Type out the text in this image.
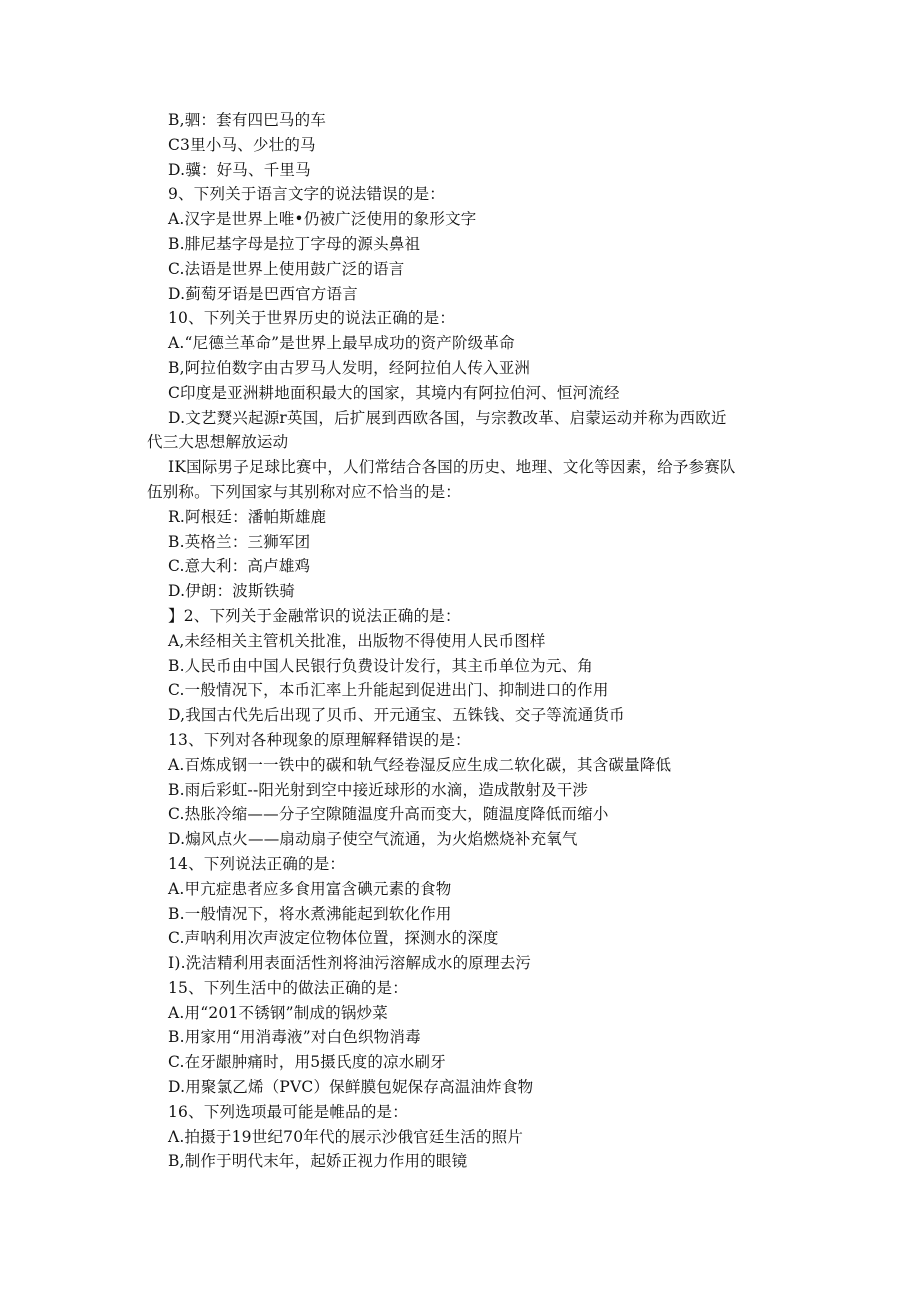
B,驷：套有四巴马的车
C3里小马、少壮的马
D.骥：好马、千里马
9、下列关于语言文字的说法错误的是：
A.汉字是世界上唯•仍被广泛使用的象形文字
B.腓尼基字母是拉丁字母的源头鼻祖
C.法语是世界上使用鼓广泛的语言
D.蓟萄牙语是巴西官方语言
10、下列关于世界历史的说法正确的是：
A.“尼德兰革命”是世界上最早成功的资产阶级革命
B,阿拉伯数字由古罗马人发明，经阿拉伯人传入亚洲
C印度是亚洲耕地面积最大的国家，其境内有阿拉伯河、恒河流经
D.文艺燹兴起源r英国，后扩展到西欧各国，与宗教改革、启蒙运动并称为西欧近
代三大思想解放运动
IK国际男子足球比赛中，人们常结合各国的历史、地理、文化等因素，给予参赛队
伍别称。下列国家与其别称对应不恰当的是：
R.阿根廷：潘帕斯雄鹿
B.英格兰：三狮军团
C.意大利：高卢雄鸡
D.伊朗：波斯铁骑
】2、下列关于金融常识的说法正确的是：
A,未经相关主管机关批准，出版物不得使用人民币图样
B.人民币由中国人民银行负费设计发行，其主币单位为元、角
C.一般情况下，本币汇率上升能起到促进出门、抑制进口的作用
D,我国古代先后出现了贝币、开元通宝、五铢钱、交子等流通货币
13、下列对各种现象的原理解释错误的是：
A.百炼成钢一一铁中的碳和轨气经卷湿反应生成二软化碳，其含碳量降低
B.雨后彩虹--阳光射到空中接近球形的水滴，造成散射及干涉
C.热胀冷缩——分子空隙随温度升高而变大，随温度降低而缩小
D.煽风点火——扇动扇子使空气流通，为火焰燃烧补充氧气
14、下列说法正确的是：
A.甲亢症患者应多食用富含碘元素的食物
B.一般情况下，将水煮沸能起到软化作用
C.声呐利用次声波定位物体位置，探测水的深度
I).洗洁精利用表面活性剂将油污溶解成水的原理去污
15、下列生活中的做法正确的是：
A.用“201不锈钢”制成的锅炒菜
B.用家用“用消毒液”对白色织物消毒
C.在牙龈肿痛时，用5摄氏度的凉水刷牙
D.用聚氯乙烯（PVC）保鲜膜包妮保存高温油炸食物
16、下列选项最可能是帷品的是：
Λ.拍摄于19世纪70年代的展示沙俄官廷生活的照片
B,制作于明代末年，起娇正视力作用的眼镜
